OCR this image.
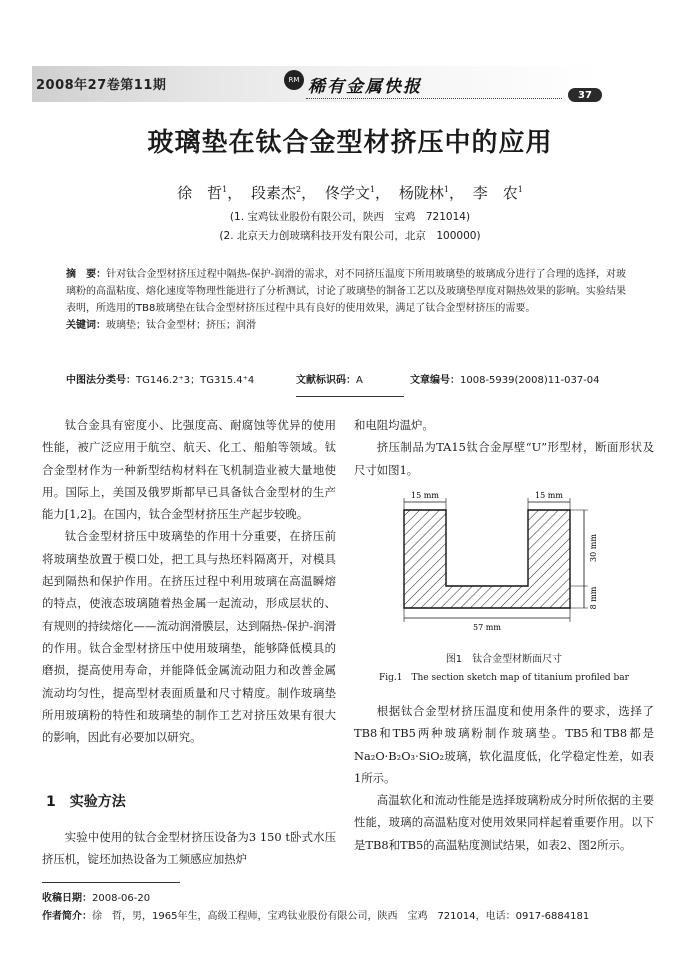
2008年27卷第11期	RM 稀有金属快报	37
玻璃垫在钛合金型材挤压中的应用
徐　哲$^1$， 段素杰$^2$， 佟学文$^1$， 杨陇林$^1$， 李　农$^1$
(1. 宝鸡钛业股份有限公司，陕西　宝鸡　721014)
(2. 北京天力创玻璃科技开发有限公司，北京　100000)
摘　要：针对钛合金型材挤压过程中隔热-保护-润滑的需求，对不同挤压温度下所用玻璃垫的玻璃成分进行了合理的选择，对玻璃粉的高温粘度、熔化速度等物理性能进行了分析测试，讨论了玻璃垫的制备工艺以及玻璃垫厚度对隔热效果的影响。实验结果表明，所选用的TB8玻璃垫在钛合金型材挤压过程中具有良好的使用效果，满足了钛合金型材挤压的需要。
关键词：玻璃垫；钛合金型材；挤压；润滑
中图法分类号：TG146.2⁺3；TG315.4⁺4	文献标识码：A	文章编号：1008-5939(2008)11-037-04

钛合金具有密度小、比强度高、耐腐蚀等优异的使用性能，被广泛应用于航空、航天、化工、船舶等领域。钛合金型材作为一种新型结构材料在飞机制造业被大量地使用。国际上，美国及俄罗斯都早已具备钛合金型材的生产能力[1,2]。在国内，钛合金型材挤压生产起步较晚。

钛合金型材挤压中玻璃垫的作用十分重要，在挤压前将玻璃垫放置于模口处，把工具与热坯料隔离开，对模具起到隔热和保护作用。在挤压过程中利用玻璃在高温瞬熔的特点，使液态玻璃随着热金属一起流动，形成层状的、有规则的持续熔化——流动润滑膜层，达到隔热-保护-润滑的作用。钛合金型材挤压中使用玻璃垫，能够降低模具的磨损，提高使用寿命，并能降低金属流动阻力和改善金属流动均匀性，提高型材表面质量和尺寸精度。制作玻璃垫所用玻璃粉的特性和玻璃垫的制作工艺对挤压效果有很大的影响，因此有必要加以研究。

1 实验方法

实验中使用的钛合金型材挤压设备为3 150 t卧式水压挤压机，锭坯加热设备为工频感应加热炉

和电阻均温炉。

挤压制品为TA15钛合金厚壁“U”形型材，断面形状及尺寸如图1。

15 mm	15 mm
30 mm
8 mm
57 mm
图1　钛合金型材断面尺寸
Fig.1　The section sketch map of titanium profiled bar

根据钛合金型材挤压温度和使用条件的要求，选择了TB8和TB5两种玻璃粉制作玻璃垫。TB5和TB8都是Na₂O·B₂O₃·SiO₂玻璃，软化温度低，化学稳定性差，如表1所示。

高温软化和流动性能是选择玻璃粉成分时所依据的主要性能，玻璃的高温粘度对使用效果同样起着重要作用。以下是TB8和TB5的高温粘度测试结果，如表2、图2所示。

收稿日期：2008-06-20
作者简介：徐　哲，男，1965年生，高级工程师，宝鸡钛业股份有限公司，陕西　宝鸡　721014，电话：0917-6884181
